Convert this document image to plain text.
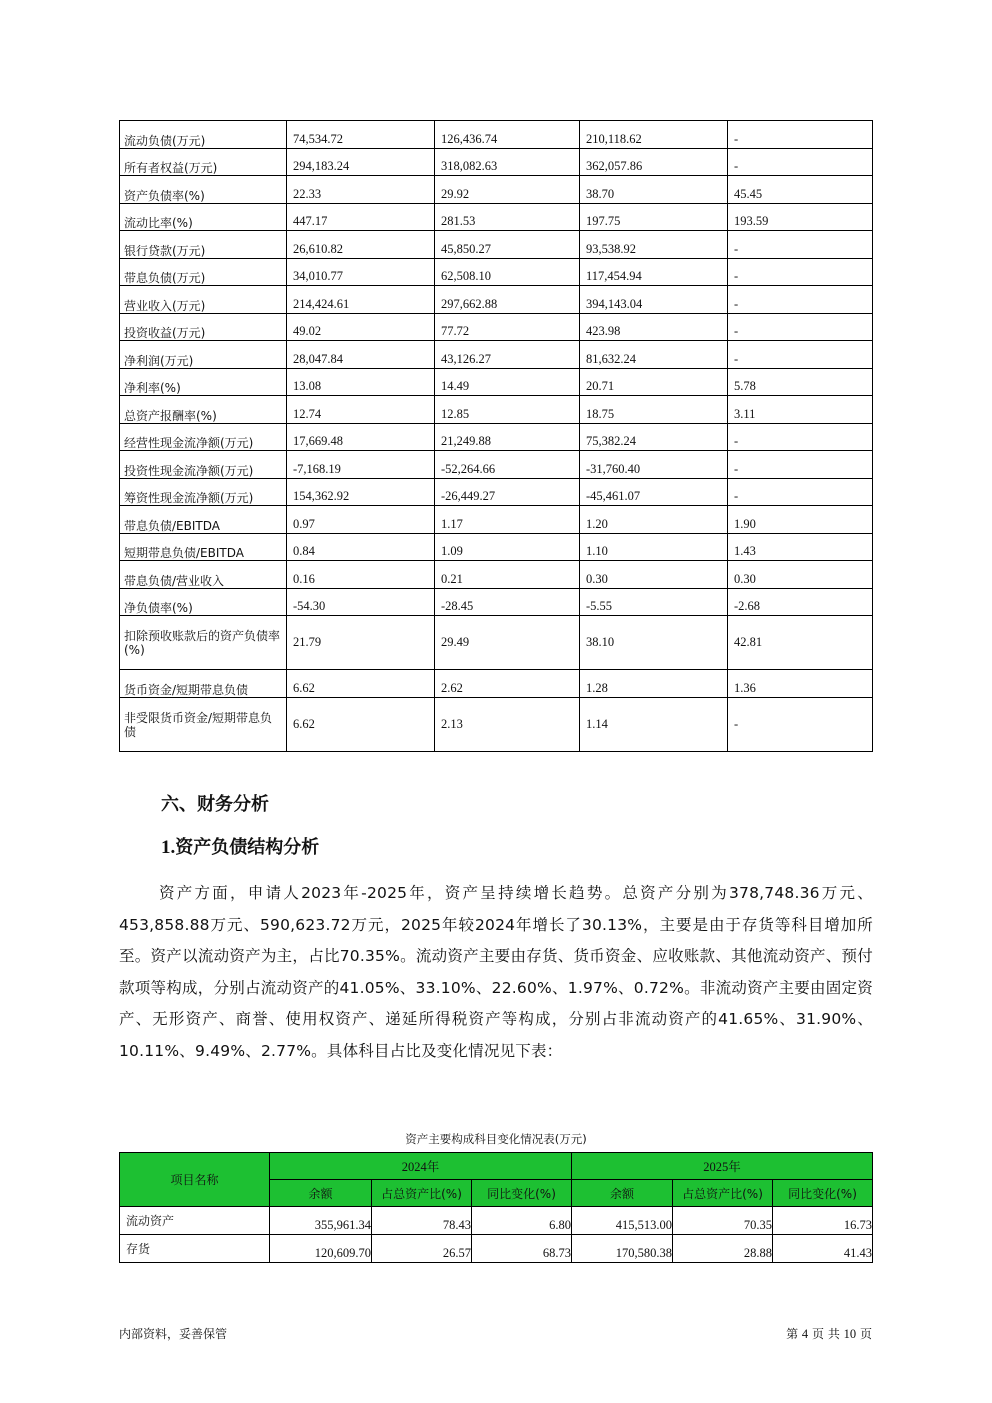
流动负债(万元)	74,534.72	126,436.74	210,118.62	-
所有者权益(万元)	294,183.24	318,082.63	362,057.86	-
资产负债率(%)	22.33	29.92	38.70	45.45
流动比率(%)	447.17	281.53	197.75	193.59
银行贷款(万元)	26,610.82	45,850.27	93,538.92	-
带息负债(万元)	34,010.77	62,508.10	117,454.94	-
营业收入(万元)	214,424.61	297,662.88	394,143.04	-
投资收益(万元)	49.02	77.72	423.98	-
净利润(万元)	28,047.84	43,126.27	81,632.24	-
净利率(%)	13.08	14.49	20.71	5.78
总资产报酬率(%)	12.74	12.85	18.75	3.11
经营性现金流净额(万元)	17,669.48	21,249.88	75,382.24	-
投资性现金流净额(万元)	-7,168.19	-52,264.66	-31,760.40	-
筹资性现金流净额(万元)	154,362.92	-26,449.27	-45,461.07	-
带息负债/EBITDA	0.97	1.17	1.20	1.90
短期带息负债/EBITDA	0.84	1.09	1.10	1.43
带息负债/营业收入	0.16	0.21	0.30	0.30
净负债率(%)	-54.30	-28.45	-5.55	-2.68
扣除预收账款后的资产负债率(%)	21.79	29.49	38.10	42.81
货币资金/短期带息负债	6.62	2.62	1.28	1.36
非受限货币资金/短期带息负债	6.62	2.13	1.14	-
六、财务分析
1.资产负债结构分析
资产方面，申请人2023年-2025年，资产呈持续增长趋势。总资产分别为378,748.36万元、453,858.88万元、590,623.72万元，2025年较2024年增长了30.13%，主要是由于存货等科目增加所至。资产以流动资产为主，占比70.35%。流动资产主要由存货、货币资金、应收账款、其他流动资产、预付款项等构成，分别占流动资产的41.05%、33.10%、22.60%、1.97%、0.72%。非流动资产主要由固定资产、无形资产、商誉、使用权资产、递延所得税资产等构成，分别占非流动资产的41.65%、31.90%、10.11%、9.49%、2.77%。具体科目占比及变化情况见下表：
资产主要构成科目变化情况表(万元)
项目名称	2024年			2025年		
	余额	占总资产比(%)	同比变化(%)	余额	占总资产比(%)	同比变化(%)
流动资产	355,961.34	78.43	6.80	415,513.00	70.35	16.73
存货	120,609.70	26.57	68.73	170,580.38	28.88	41.43
内部资料，妥善保管	第 4 页 共 10 页
